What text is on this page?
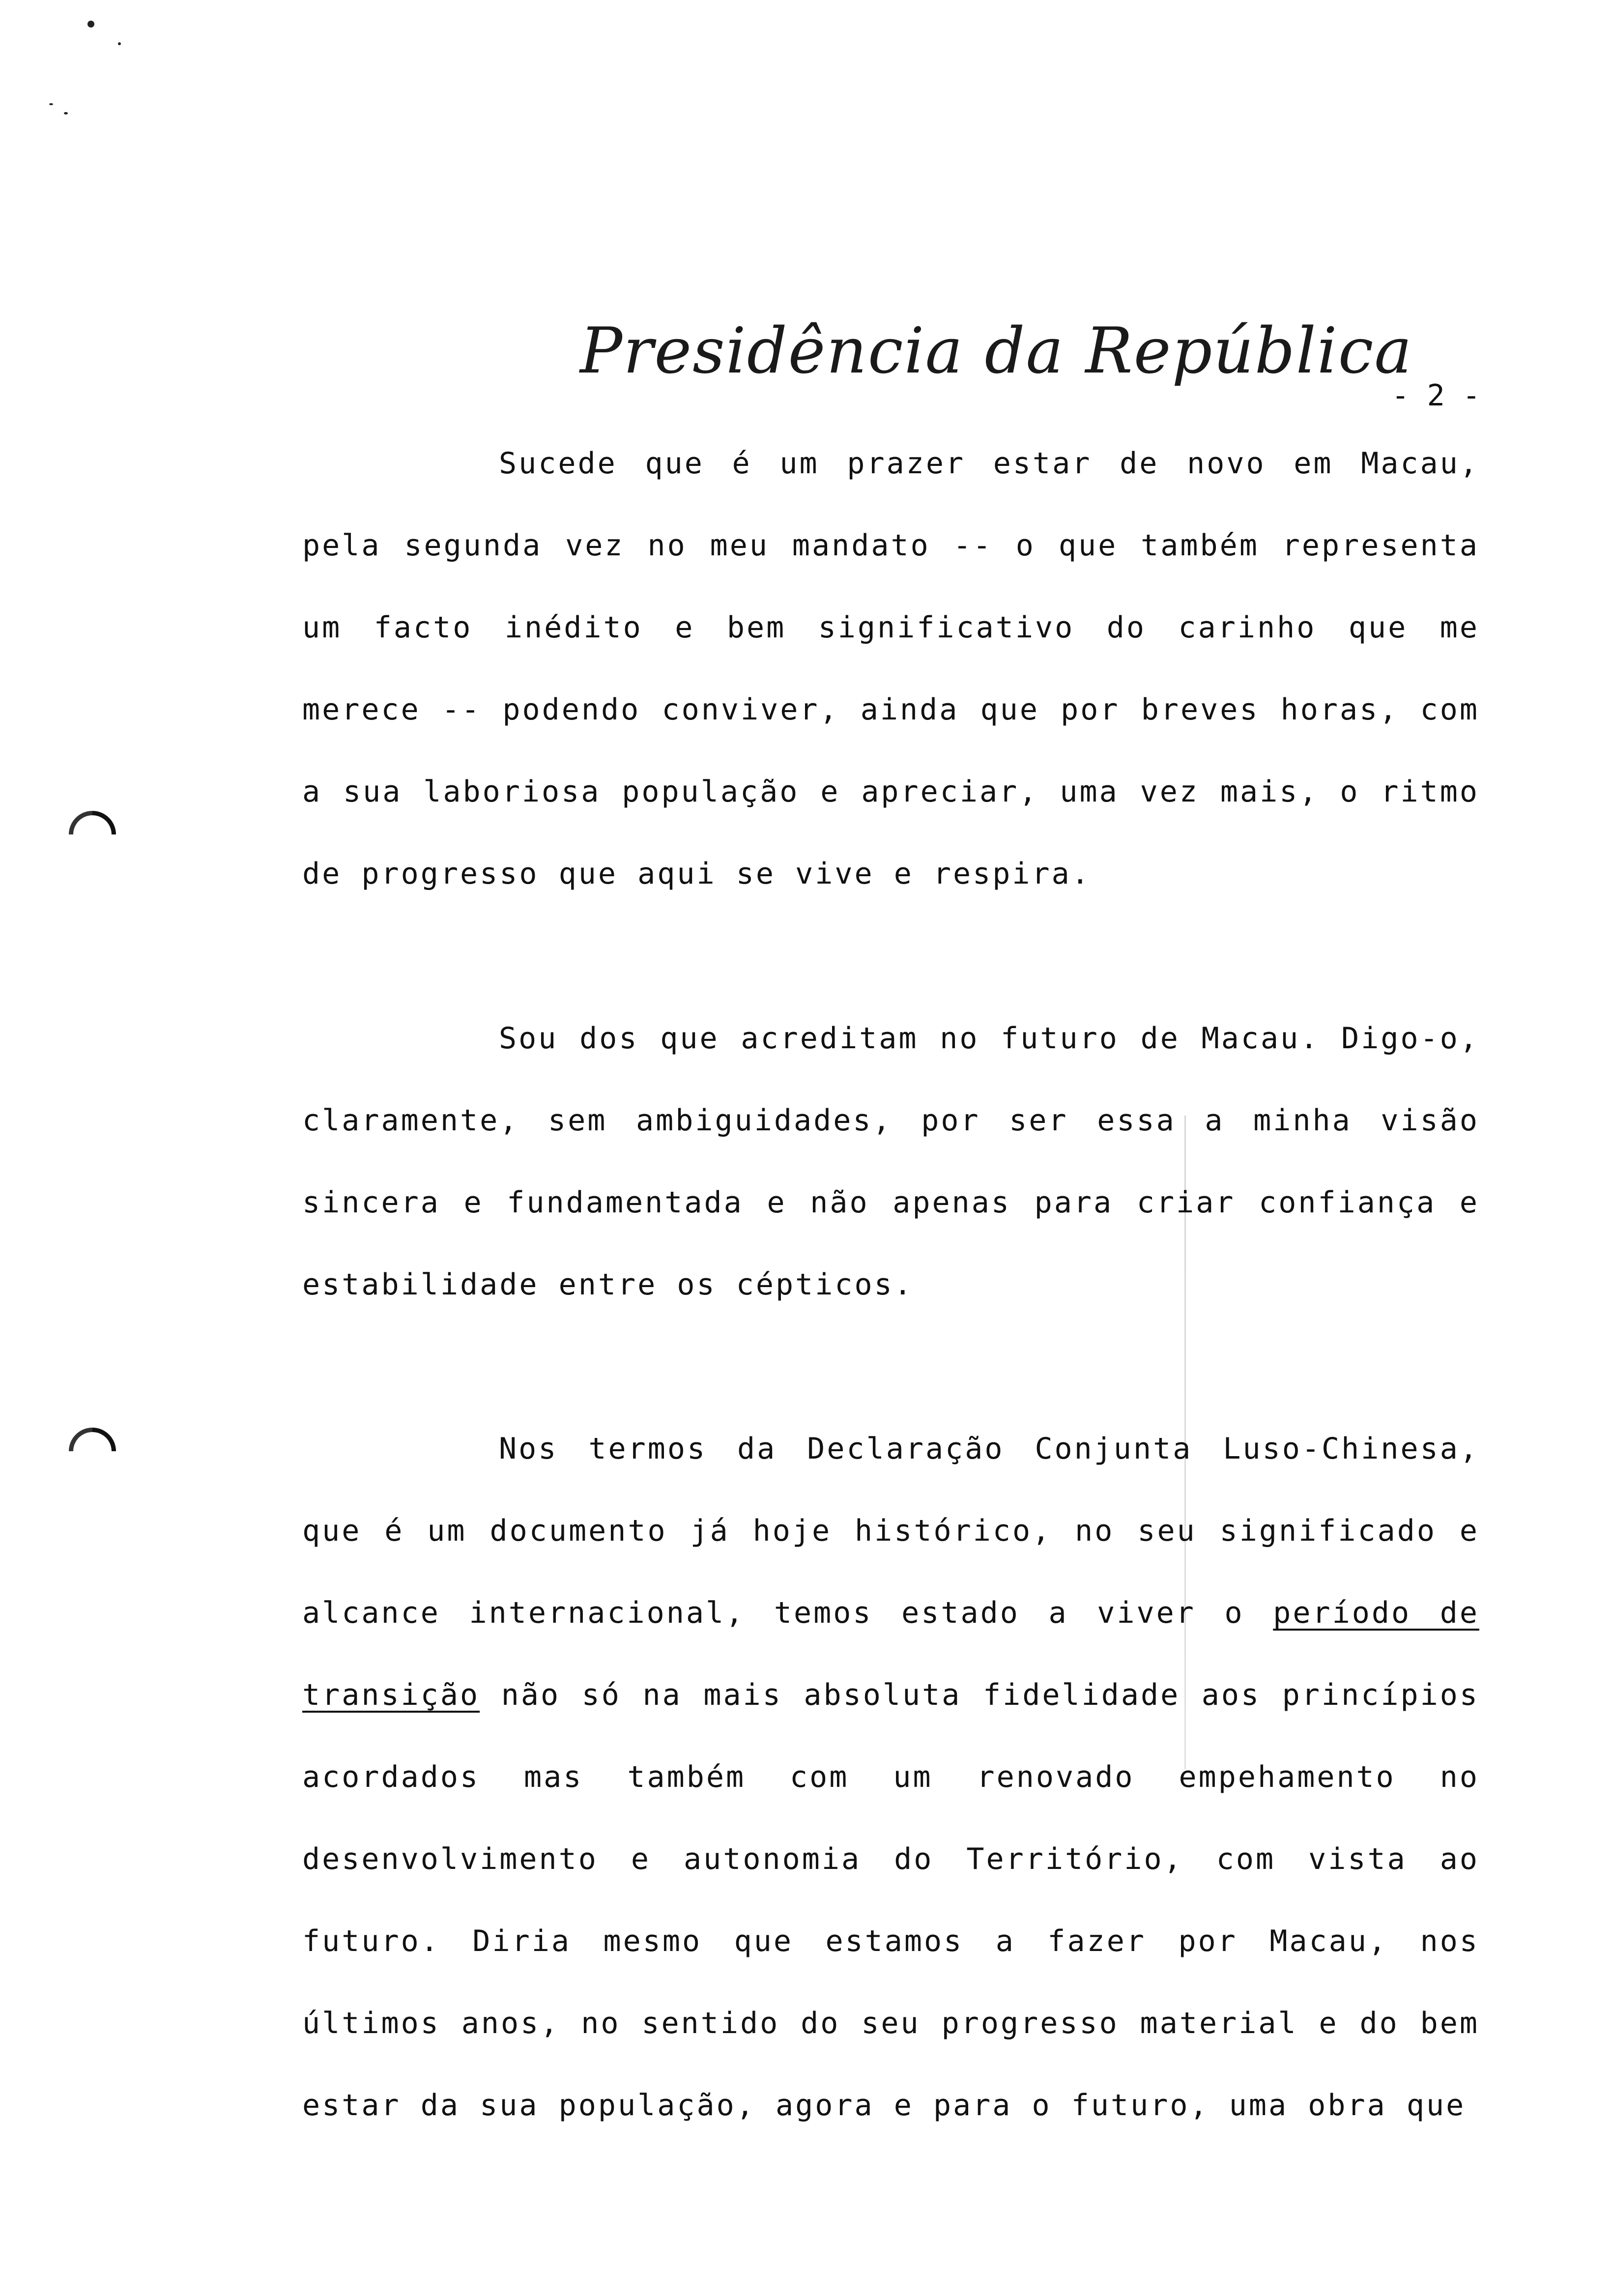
Presidência da República
- 2 -

Sucede que é um prazer estar de novo em Macau, pela segunda vez no meu mandato -- o que também representa um facto inédito e bem significativo do carinho que me merece -- podendo conviver, ainda que por breves horas, com a sua laboriosa população e apreciar, uma vez mais, o ritmo de progresso que aqui se vive e respira.

Sou dos que acreditam no futuro de Macau. Digo-o, claramente, sem ambiguidades, por ser essa a minha visão sincera e fundamentada e não apenas para criar confiança e estabilidade entre os cépticos.

Nos termos da Declaração Conjunta Luso-Chinesa, que é um documento já hoje histórico, no seu significado e alcance internacional, temos estado a viver o período de transição não só na mais absoluta fidelidade aos princípios acordados mas também com um renovado empehamento no desenvolvimento e autonomia do Território, com vista ao futuro. Diria mesmo que estamos a fazer por Macau, nos últimos anos, no sentido do seu progresso material e do bem estar da sua população, agora e para o futuro, uma obra que
